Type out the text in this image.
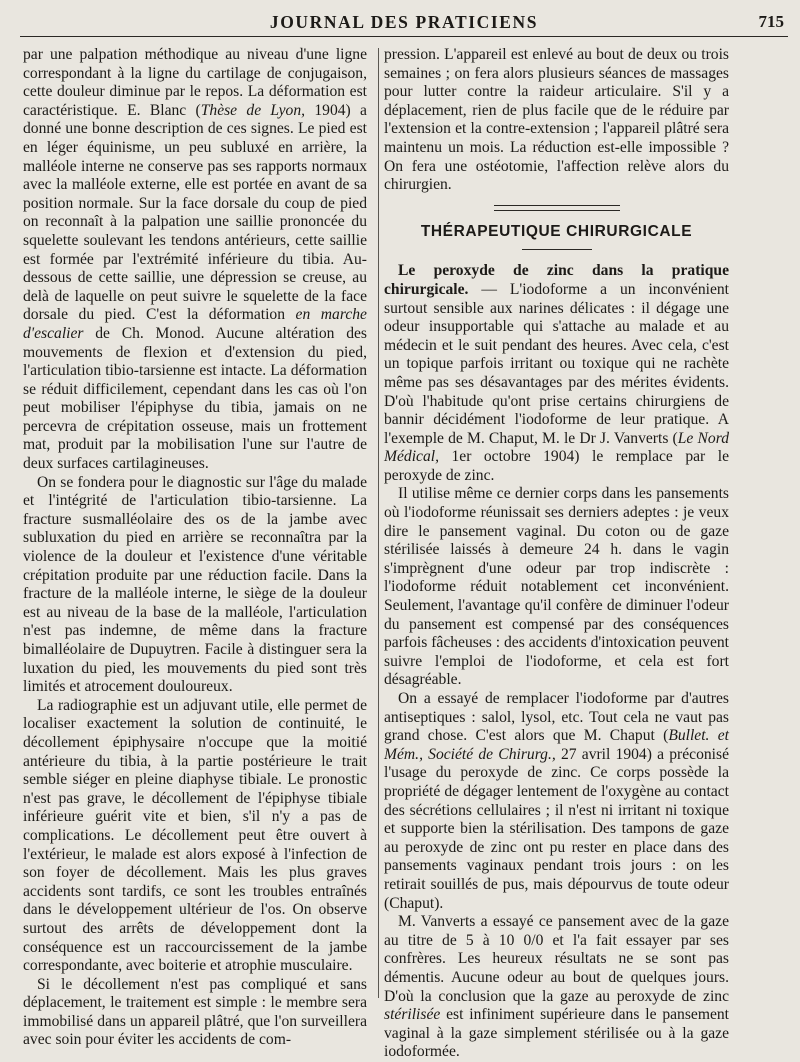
JOURNAL DES PRATICIENS	715

par une palpation méthodique au niveau d'une ligne correspondant à la ligne du cartilage de conjugaison, cette douleur diminue par le repos. La déformation est caractéristique. E. Blanc (Thèse de Lyon, 1904) a donné une bonne description de ces signes. Le pied est en léger équinisme, un peu subluxé en arrière, la malléole interne ne conserve pas ses rapports normaux avec la malléole externe, elle est portée en avant de sa position normale. Sur la face dorsale du coup de pied on reconnaît à la palpation une saillie prononcée du squelette soulevant les tendons antérieurs, cette saillie est formée par l'extrémité inférieure du tibia. Au-dessous de cette saillie, une dépression se creuse, au delà de laquelle on peut suivre le squelette de la face dorsale du pied. C'est la déformation en marche d'escalier de Ch. Monod. Aucune altération des mouvements de flexion et d'extension du pied, l'articulation tibio-tarsienne est intacte. La déformation se réduit difficilement, cependant dans les cas où l'on peut mobiliser l'épiphyse du tibia, jamais on ne percevra de crépitation osseuse, mais un frottement mat, produit par la mobilisation l'une sur l'autre de deux surfaces cartilagineuses.

On se fondera pour le diagnostic sur l'âge du malade et l'intégrité de l'articulation tibio-tarsienne. La fracture susmalléolaire des os de la jambe avec subluxation du pied en arrière se reconnaîtra par la violence de la douleur et l'existence d'une véritable crépitation produite par une réduction facile. Dans la fracture de la malléole interne, le siège de la douleur est au niveau de la base de la malléole, l'articulation n'est pas indemne, de même dans la fracture bimalléolaire de Dupuytren. Facile à distinguer sera la luxation du pied, les mouvements du pied sont très limités et atrocement douloureux.

La radiographie est un adjuvant utile, elle permet de localiser exactement la solution de continuité, le décollement épiphysaire n'occupe que la moitié antérieure du tibia, à la partie postérieure le trait semble siéger en pleine diaphyse tibiale. Le pronostic n'est pas grave, le décollement de l'épiphyse tibiale inférieure guérit vite et bien, s'il n'y a pas de complications. Le décollement peut être ouvert à l'extérieur, le malade est alors exposé à l'infection de son foyer de décollement. Mais les plus graves accidents sont tardifs, ce sont les troubles entraînés dans le développement ultérieur de l'os. On observe surtout des arrêts de développement dont la conséquence est un raccourcissement de la jambe correspondante, avec boiterie et atrophie musculaire.

Si le décollement n'est pas compliqué et sans déplacement, le traitement est simple : le membre sera immobilisé dans un appareil plâtré, que l'on surveillera avec soin pour éviter les accidents de com-

pression. L'appareil est enlevé au bout de deux ou trois semaines ; on fera alors plusieurs séances de massages pour lutter contre la raideur articulaire. S'il y a déplacement, rien de plus facile que de le réduire par l'extension et la contre-extension ; l'appareil plâtré sera maintenu un mois. La réduction est-elle impossible ? On fera une ostéotomie, l'affection relève alors du chirurgien.

THÉRAPEUTIQUE CHIRURGICALE

Le peroxyde de zinc dans la pratique chirurgicale. — L'iodoforme a un inconvénient surtout sensible aux narines délicates : il dégage une odeur insupportable qui s'attache au malade et au médecin et le suit pendant des heures. Avec cela, c'est un topique parfois irritant ou toxique qui ne rachète même pas ses désavantages par des mérites évidents. D'où l'habitude qu'ont prise certains chirurgiens de bannir décidément l'iodoforme de leur pratique. A l'exemple de M. Chaput, M. le Dr J. Vanverts (Le Nord Médical, 1er octobre 1904) le remplace par le peroxyde de zinc.

Il utilise même ce dernier corps dans les pansements où l'iodoforme réunissait ses derniers adeptes : je veux dire le pansement vaginal. Du coton ou de gaze stérilisée laissés à demeure 24 h. dans le vagin s'imprègnent d'une odeur par trop indiscrète : l'iodoforme réduit notablement cet inconvénient. Seulement, l'avantage qu'il confère de diminuer l'odeur du pansement est compensé par des conséquences parfois fâcheuses : des accidents d'intoxication peuvent suivre l'emploi de l'iodoforme, et cela est fort désagréable.

On a essayé de remplacer l'iodoforme par d'autres antiseptiques : salol, lysol, etc. Tout cela ne vaut pas grand chose. C'est alors que M. Chaput (Bullet. et Mém., Société de Chirurg., 27 avril 1904) a préconisé l'usage du peroxyde de zinc. Ce corps possède la propriété de dégager lentement de l'oxygène au contact des sécrétions cellulaires ; il n'est ni irritant ni toxique et supporte bien la stérilisation. Des tampons de gaze au peroxyde de zinc ont pu rester en place dans des pansements vaginaux pendant trois jours : on les retirait souillés de pus, mais dépourvus de toute odeur (Chaput).

M. Vanverts a essayé ce pansement avec de la gaze au titre de 5 à 10 0/0 et l'a fait essayer par ses confrères. Les heureux résultats ne se sont pas démentis. Aucune odeur au bout de quelques jours. D'où la conclusion que la gaze au peroxyde de zinc stérilisée est infiniment supérieure dans le pansement vaginal à la gaze simplement stérilisée ou à la gaze iodoformée.
